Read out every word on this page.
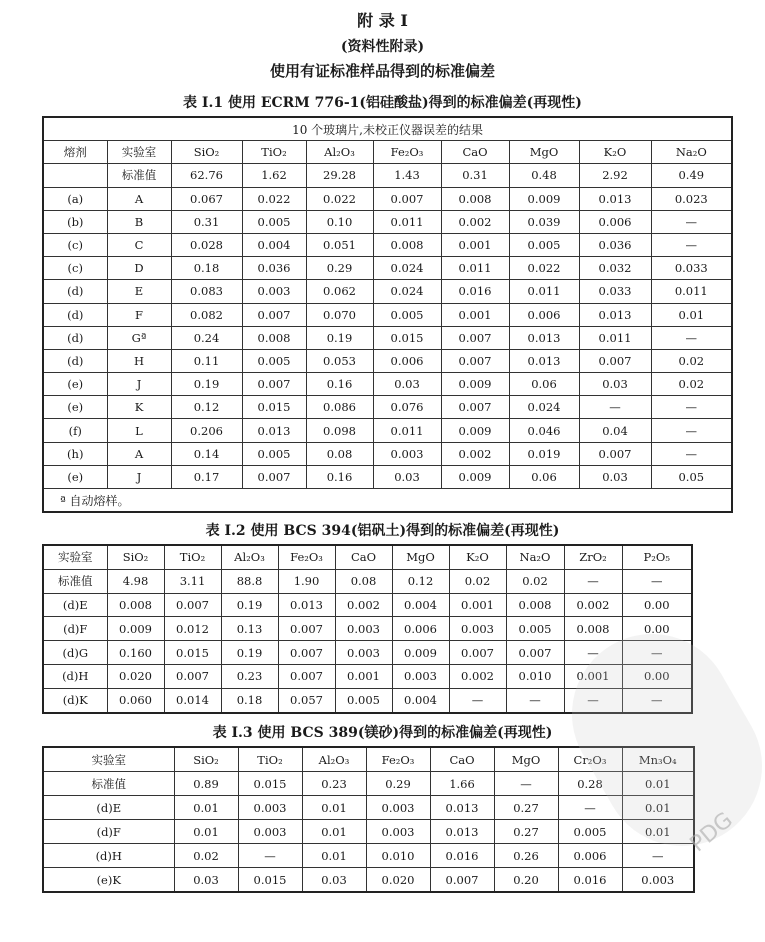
附 录 I
(资料性附录)
使用有证标准样品得到的标准偏差
表 I.1 使用 ECRM 776-1(铝硅酸盐)得到的标准偏差(再现性)
10 个玻璃片,未校正仪器误差的结果									
熔剂	实验室	SiO₂	TiO₂	Al₂O₃	Fe₂O₃	CaO	MgO	K₂O	Na₂O
	标准值	62.76	1.62	29.28	1.43	0.31	0.48	2.92	0.49
(a)	A	0.067	0.022	0.022	0.007	0.008	0.009	0.013	0.023
(b)	B	0.31	0.005	0.10	0.011	0.002	0.039	0.006	—
(c)	C	0.028	0.004	0.051	0.008	0.001	0.005	0.036	—
(c)	D	0.18	0.036	0.29	0.024	0.011	0.022	0.032	0.033
(d)	E	0.083	0.003	0.062	0.024	0.016	0.011	0.033	0.011
(d)	F	0.082	0.007	0.070	0.005	0.001	0.006	0.013	0.01
(d)	Gª	0.24	0.008	0.19	0.015	0.007	0.013	0.011	—
(d)	H	0.11	0.005	0.053	0.006	0.007	0.013	0.007	0.02
(e)	J	0.19	0.007	0.16	0.03	0.009	0.06	0.03	0.02
(e)	K	0.12	0.015	0.086	0.076	0.007	0.024	—	—
(f)	L	0.206	0.013	0.098	0.011	0.009	0.046	0.04	—
(h)	A	0.14	0.005	0.08	0.003	0.002	0.019	0.007	—
(e)	J	0.17	0.007	0.16	0.03	0.009	0.06	0.03	0.05
ª 自动熔样。									
表 I.2 使用 BCS 394(铝矾土)得到的标准偏差(再现性)
实验室	SiO₂	TiO₂	Al₂O₃	Fe₂O₃	CaO	MgO	K₂O	Na₂O	ZrO₂	P₂O₅
标准值	4.98	3.11	88.8	1.90	0.08	0.12	0.02	0.02	—	—
(d)E	0.008	0.007	0.19	0.013	0.002	0.004	0.001	0.008	0.002	0.00
(d)F	0.009	0.012	0.13	0.007	0.003	0.006	0.003	0.005	0.008	0.00
(d)G	0.160	0.015	0.19	0.007	0.003	0.009	0.007	0.007	—	—
(d)H	0.020	0.007	0.23	0.007	0.001	0.003	0.002	0.010	0.001	0.00
(d)K	0.060	0.014	0.18	0.057	0.005	0.004	—	—	—	—
表 I.3 使用 BCS 389(镁砂)得到的标准偏差(再现性)
实验室	SiO₂	TiO₂	Al₂O₃	Fe₂O₃	CaO	MgO	Cr₂O₃	Mn₃O₄
标准值	0.89	0.015	0.23	0.29	1.66	—	0.28	0.01
(d)E	0.01	0.003	0.01	0.003	0.013	0.27	—	0.01
(d)F	0.01	0.003	0.01	0.003	0.013	0.27	0.005	0.01
(d)H	0.02	—	0.01	0.010	0.016	0.26	0.006	—
(e)K	0.03	0.015	0.03	0.020	0.007	0.20	0.016	0.003
PDG
